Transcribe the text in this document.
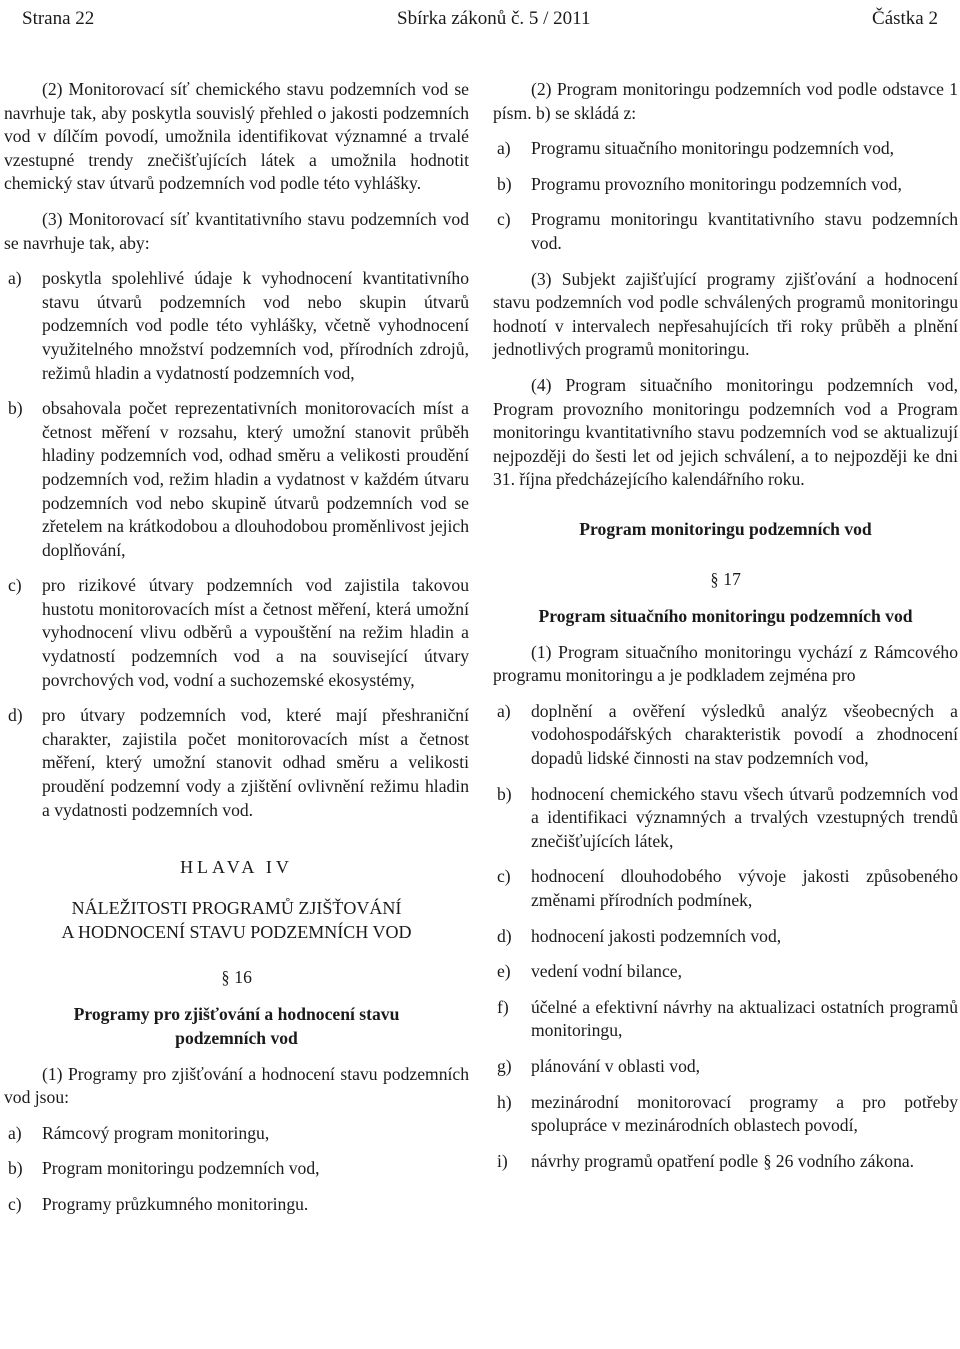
Strana 22	Sbírka zákonů č. 5 / 2011	Částka 2

(2) Monitorovací síť chemického stavu podzemních vod se navrhuje tak, aby poskytla souvislý přehled o jakosti podzemních vod v dílčím povodí, umožnila identifikovat významné a trvalé vzestupné trendy znečišťujících látek a umožnila hodnotit chemický stav útvarů podzemních vod podle této vyhlášky.

(3) Monitorovací síť kvantitativního stavu podzemních vod se navrhuje tak, aby:

a)	poskytla spolehlivé údaje k vyhodnocení kvantitativního stavu útvarů podzemních vod nebo skupin útvarů podzemních vod podle této vyhlášky, včetně vyhodnocení využitelného množství podzemních vod, přírodních zdrojů, režimů hladin a vydatností podzemních vod,
b)	obsahovala počet reprezentativních monitorovacích míst a četnost měření v rozsahu, který umožní stanovit průběh hladiny podzemních vod, odhad směru a velikosti proudění podzemních vod, režim hladin a vydatnost v každém útvaru podzemních vod nebo skupině útvarů podzemních vod se zřetelem na krátkodobou a dlouhodobou proměnlivost jejich doplňování,
c)	pro rizikové útvary podzemních vod zajistila takovou hustotu monitorovacích míst a četnost měření, která umožní vyhodnocení vlivu odběrů a vypouštění na režim hladin a vydatností podzemních vod a na související útvary povrchových vod, vodní a suchozemské ekosystémy,
d)	pro útvary podzemních vod, které mají přeshraniční charakter, zajistila počet monitorovacích míst a četnost měření, který umožní stanovit odhad směru a velikosti proudění podzemní vody a zjištění ovlivnění režimu hladin a vydatnosti podzemních vod.
HLAVA IV
NÁLEŽITOSTI PROGRAMŮ ZJIŠŤOVÁNÍ
A HODNOCENÍ STAVU PODZEMNÍCH VOD
§ 16
Programy pro zjišťování a hodnocení stavu
podzemních vod

(1) Programy pro zjišťování a hodnocení stavu podzemních vod jsou:

a)	Rámcový program monitoringu,
b)	Program monitoringu podzemních vod,
c)	Programy průzkumného monitoringu.

(2) Program monitoringu podzemních vod podle odstavce 1 písm. b) se skládá z:

a)	Programu situačního monitoringu podzemních vod,
b)	Programu provozního monitoringu podzemních vod,
c)	Programu monitoringu kvantitativního stavu podzemních vod.

(3) Subjekt zajišťující programy zjišťování a hodnocení stavu podzemních vod podle schválených programů monitoringu hodnotí v intervalech nepřesahujících tři roky průběh a plnění jednotlivých programů monitoringu.

(4) Program situačního monitoringu podzemních vod, Program provozního monitoringu podzemních vod a Program monitoringu kvantitativního stavu podzemních vod se aktualizují nejpozději do šesti let od jejich schválení, a to nejpozději ke dni 31. října předcházejícího kalendářního roku.

Program monitoringu podzemních vod
§ 17
Program situačního monitoringu podzemních vod

(1) Program situačního monitoringu vychází z Rámcového programu monitoringu a je podkladem zejména pro

a)	doplnění a ověření výsledků analýz všeobecných a vodohospodářských charakteristik povodí a zhodnocení dopadů lidské činnosti na stav podzemních vod,
b)	hodnocení chemického stavu všech útvarů podzemních vod a identifikaci významných a trvalých vzestupných trendů znečišťujících látek,
c)	hodnocení dlouhodobého vývoje jakosti způsobeného změnami přírodních podmínek,
d)	hodnocení jakosti podzemních vod,
e)	vedení vodní bilance,
f)	účelné a efektivní návrhy na aktualizaci ostatních programů monitoringu,
g)	plánování v oblasti vod,
h)	mezinárodní monitorovací programy a pro potřeby spolupráce v mezinárodních oblastech povodí,
i)	návrhy programů opatření podle § 26 vodního zákona.
